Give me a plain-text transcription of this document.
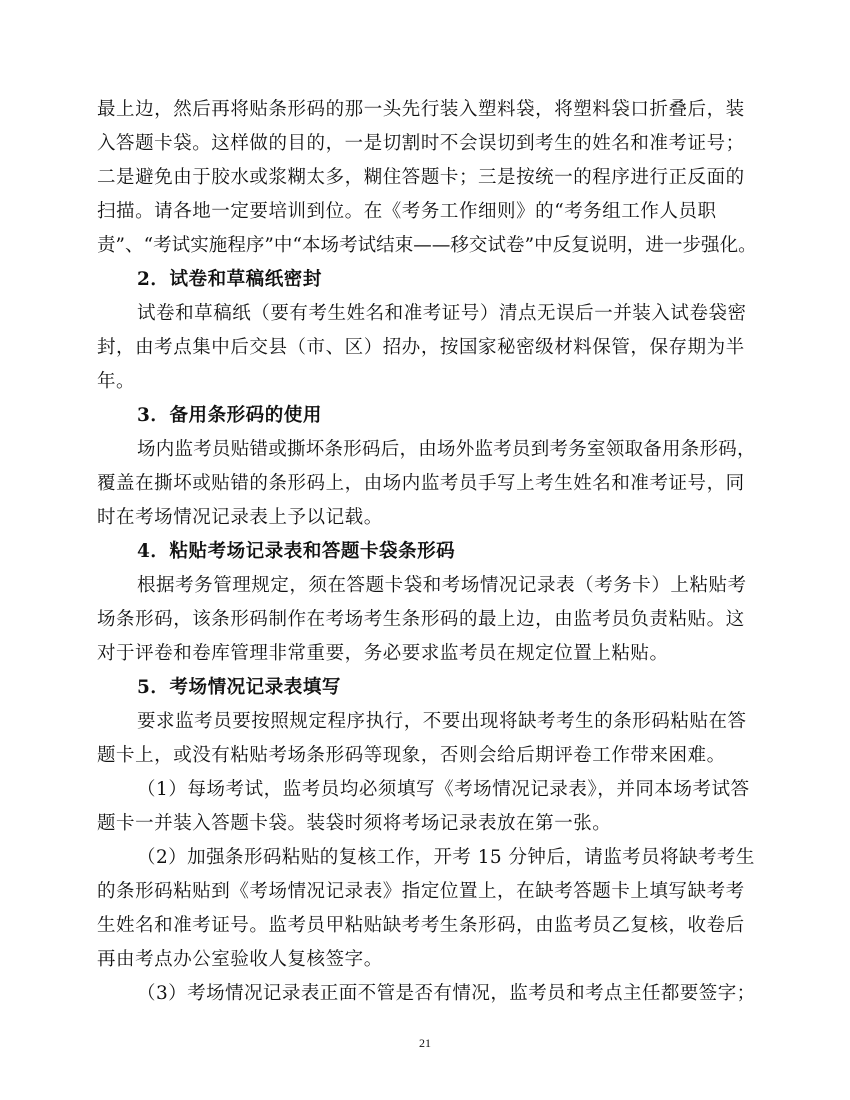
最上边，然后再将贴条形码的那一头先行装入塑料袋，将塑料袋口折叠后，装

入答题卡袋。这样做的目的，一是切割时不会误切到考生的姓名和准考证号；

二是避免由于胶水或浆糊太多，糊住答题卡；三是按统一的程序进行正反面的

扫描。请各地一定要培训到位。在《考务工作细则》的“考务组工作人员职

责”、“考试实施程序”中“本场考试结束——移交试卷”中反复说明，进一步强化。

2．试卷和草稿纸密封

试卷和草稿纸（要有考生姓名和准考证号）清点无误后一并装入试卷袋密

封，由考点集中后交县（市、区）招办，按国家秘密级材料保管，保存期为半

年。

3．备用条形码的使用

场内监考员贴错或撕坏条形码后，由场外监考员到考务室领取备用条形码，

覆盖在撕坏或贴错的条形码上，由场内监考员手写上考生姓名和准考证号，同

时在考场情况记录表上予以记载。

4．粘贴考场记录表和答题卡袋条形码

根据考务管理规定，须在答题卡袋和考场情况记录表（考务卡）上粘贴考

场条形码，该条形码制作在考场考生条形码的最上边，由监考员负责粘贴。这

对于评卷和卷库管理非常重要，务必要求监考员在规定位置上粘贴。

5．考场情况记录表填写

要求监考员要按照规定程序执行，不要出现将缺考考生的条形码粘贴在答

题卡上，或没有粘贴考场条形码等现象，否则会给后期评卷工作带来困难。

（1）每场考试，监考员均必须填写《考场情况记录表》，并同本场考试答

题卡一并装入答题卡袋。装袋时须将考场记录表放在第一张。

（2）加强条形码粘贴的复核工作，开考 15 分钟后，请监考员将缺考考生

的条形码粘贴到《考场情况记录表》指定位置上，在缺考答题卡上填写缺考考

生姓名和准考证号。监考员甲粘贴缺考考生条形码，由监考员乙复核，收卷后

再由考点办公室验收人复核签字。

（3）考场情况记录表正面不管是否有情况，监考员和考点主任都要签字；

21
